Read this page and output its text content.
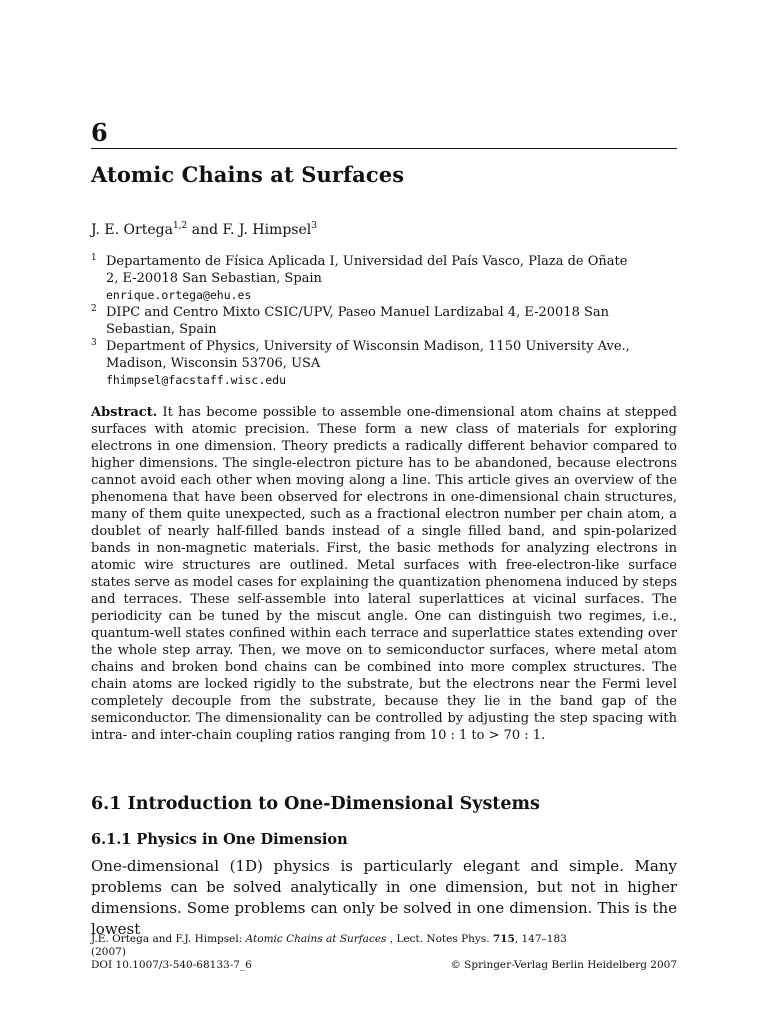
6
Atomic Chains at Surfaces
J. E. Ortega$^{1,2}$ and F. J. Himpsel$^3$
1 Departamento de Física Aplicada I, Universidad del País Vasco, Plaza de Oñate
2, E-20018 San Sebastian, Spain
enrique.ortega@ehu.es
2 DIPC and Centro Mixto CSIC/UPV, Paseo Manuel Lardizabal 4, E-20018 San
Sebastian, Spain
3 Department of Physics, University of Wisconsin Madison, 1150 University Ave.,
Madison, Wisconsin 53706, USA
fhimpsel@facstaff.wisc.edu
Abstract. It has become possible to assemble one-dimensional atom chains at stepped surfaces with atomic precision. These form a new class of materials for exploring electrons in one dimension. Theory predicts a radically different behavior compared to higher dimensions. The single-electron picture has to be abandoned, because electrons cannot avoid each other when moving along a line. This article gives an overview of the phenomena that have been observed for electrons in one-dimensional chain structures, many of them quite unexpected, such as a fractional electron number per chain atom, a doublet of nearly half-filled bands instead of a single filled band, and spin-polarized bands in non-magnetic materials. First, the basic methods for analyzing electrons in atomic wire structures are outlined. Metal surfaces with free-electron-like surface states serve as model cases for explaining the quantization phenomena induced by steps and terraces. These self-assemble into lateral superlattices at vicinal surfaces. The periodicity can be tuned by the miscut angle. One can distinguish two regimes, i.e., quantum-well states confined within each terrace and superlattice states extending over the whole step array. Then, we move on to semiconductor surfaces, where metal atom chains and broken bond chains can be combined into more complex structures. The chain atoms are locked rigidly to the substrate, but the electrons near the Fermi level completely decouple from the substrate, because they lie in the band gap of the semiconductor. The dimensionality can be controlled by adjusting the step spacing with intra- and inter-chain coupling ratios ranging from 10 : 1 to > 70 : 1.
6.1 Introduction to One-Dimensional Systems
6.1.1 Physics in One Dimension
One-dimensional (1D) physics is particularly elegant and simple. Many problems can be solved analytically in one dimension, but not in higher dimensions. Some problems can only be solved in one dimension. This is the lowest
J.E. Ortega and F.J. Himpsel: Atomic Chains at Surfaces , Lect. Notes Phys. 715, 147–183
(2007)
DOI 10.1007/3-540-68133-7_6	© Springer-Verlag Berlin Heidelberg 2007
